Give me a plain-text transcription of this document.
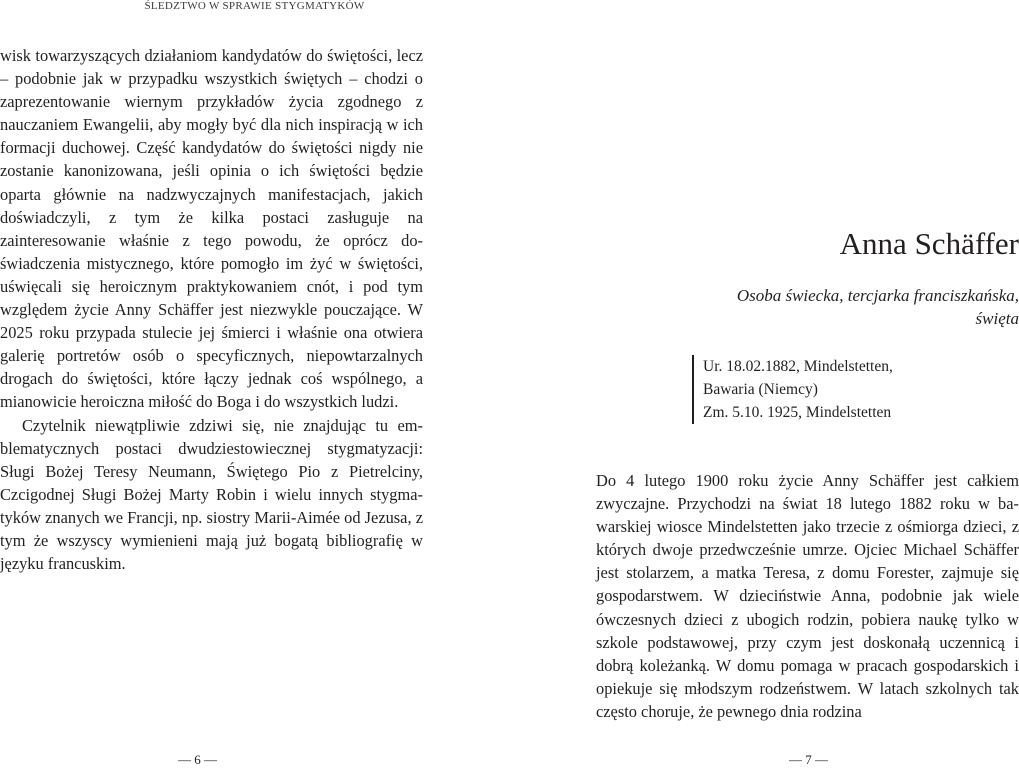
ŚLEDZTWO W SPRAWIE STYGMATYKÓW

wisk towarzyszących działaniom kandydatów do świętości, lecz – podobnie jak w przypadku wszystkich świętych – chodzi o zaprezentowanie wiernym przykładów życia zgodnego z nauczaniem Ewangelii, aby mogły być dla nich inspiracją w ich formacji duchowej. Część kandydatów do świętości nigdy nie zostanie kanonizowana, jeśli opinia o ich świętości będzie oparta głównie na nadzwyczajnych manifestacjach, jakich doświadczyli, z tym że kilka postaci zasługuje na zainteresowanie właśnie z tego powodu, że oprócz doświadczenia mistycznego, które pomogło im żyć w świętości, uświęcali się heroicznym praktykowaniem cnót, i pod tym względem życie Anny Schäffer jest niezwykle pouczające. W 2025 roku przypada stulecie jej śmierci i właśnie ona otwiera galerię portretów osób o specyficznych, niepowtarzalnych drogach do świętości, które łączy jednak coś wspólnego, a mianowicie heroiczna miłość do Boga i do wszystkich ludzi.

Czytelnik niewątpliwie zdziwi się, nie znajdując tu emblematycznych postaci dwudziestowiecznej stygmatyzacji: Sługi Bożej Teresy Neumann, Świętego Pio z Pietrelciny, Czcigodnej Sługi Bożej Marty Robin i wielu innych stygmatyków znanych we Francji, np. siostry Marii-Aimée od Jezusa, z tym że wszyscy wymienieni mają już bogatą bibliografię w języku francuskim.

— 6 —
Anna Schäffer
Osoba świecka, tercjarka franciszkańska,
święta
Ur. 18.02.1882, Mindelstetten,
Bawaria (Niemcy)
Zm. 5.10. 1925, Mindelstetten

Do 4 lutego 1900 roku życie Anny Schäffer jest całkiem zwyczajne. Przychodzi na świat 18 lutego 1882 roku w bawarskiej wiosce Mindelstetten jako trzecie z ośmiorga dzieci, z których dwoje przedwcześnie umrze. Ojciec Michael Schäffer jest stolarzem, a matka Teresa, z domu Forester, zajmuje się gospodarstwem. W dzieciństwie Anna, podobnie jak wiele ówczesnych dzieci z ubogich rodzin, pobiera naukę tylko w szkole podstawowej, przy czym jest doskonałą uczennicą i dobrą koleżanką. W domu pomaga w pracach gospodarskich i opiekuje się młodszym rodzeństwem. W latach szkolnych tak często choruje, że pewnego dnia rodzina

— 7 —
